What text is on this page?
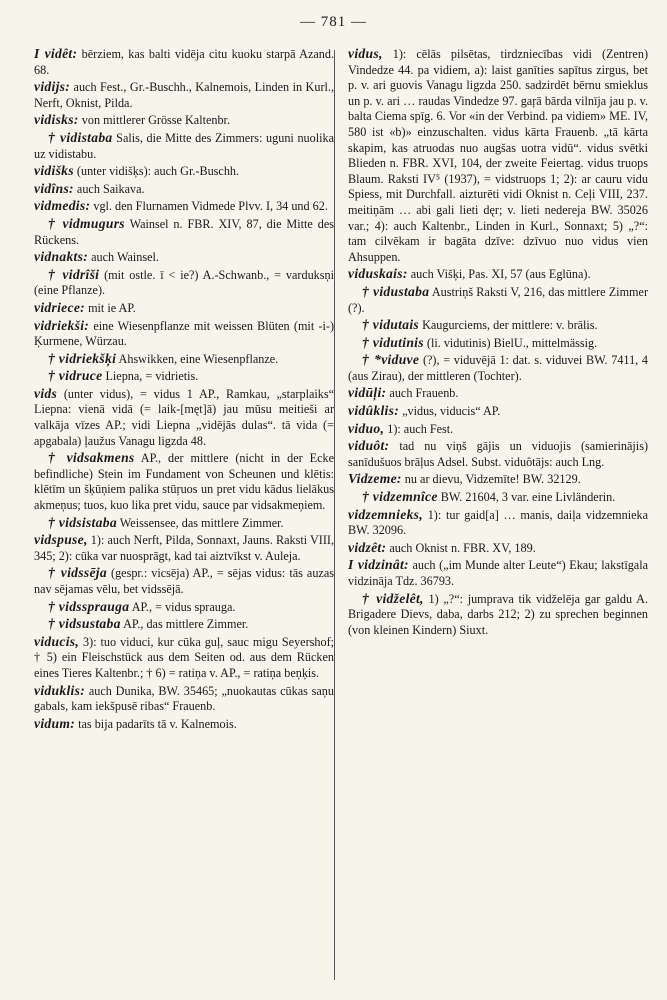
— 781 —
I vidêt: bērziem, kas balti vidēja citu kuoku starpā Azand. 68.
vidijs: auch Fest., Gr.-Buschh., Kalnemois, Linden in Kurl., Nerft, Oknist, Pilda.
vidisks: von mittlerer Grösse Kaltenbr.
† vidistaba Salis, die Mitte des Zimmers: uguni nuolika uz vidistabu.
vidišks (unter vidišķs): auch Gr.-Buschh.
vidîns: auch Saikava.
vidmedis: vgl. den Flurnamen Vidmede Plvv. I, 34 und 62.
† vidmugurs Wainsel n. FBR. XIV, 87, die Mitte des Rückens.
vidnakts: auch Wainsel.
† vidrîši (mit ostle. ī < ie?) A.-Schwanb., = varduksņi (eine Pflanze).
vidriece: mit ie AP.
vidriekši: eine Wiesenpflanze mit weissen Blüten (mit -i-) Ķurmene, Würzau.
† vidriekšķi Ahswikken, eine Wiesenpflanze.
† vidruce Liepna, = vidrietis.
vids (unter vidus), = vidus 1 AP., Ramkau, „starplaiks“ Liepna: vienā vidā (= laik-[męt]ā) jau mūsu meitieši ar valkāja vīzes AP.; vidi Liepna „vidējās dulas“. tā vida (= apgabala) ļaužus Vanagu ligzda 48.
† vidsakmens AP., der mittlere (nicht in der Ecke befindliche) Stein im Fundament von Scheunen und klētis: klētīm un šķūņiem palika stūŗuos un pret vidu kādus lielākus akmeņus; tuos, kuo lika pret vidu, sauce par vidsakmeņiem.
† vidsistaba Weissensee, das mittlere Zimmer.
vidspuse, 1): auch Nerft, Pilda, Sonnaxt, Jauns. Raksti VIII, 345; 2): cūka var nuosprāgt, kad tai aiztvīkst v. Auleja.
† vidssēja (gespr.: vicsēja) AP., = sējas vidus: tās auzas nav sējamas vēlu, bet vidssējā.
† vidssprauga AP., = vidus sprauga.
† vidsustaba AP., das mittlere Zimmer.
viducis, 3): tuo viduci, kur cūka guļ, sauc migu Seyershof; † 5) ein Fleischstück aus dem Seiten od. aus dem Rücken eines Tieres Kaltenbr.; † 6) = ratiņa v. AP., = ratiņa beņķis.
viduklis: auch Dunika, BW. 35465; „nuokautas cūkas saņu gabals, kam iekšpusē ribas“ Frauenb.
vidum: tas bija padarīts tā v. Kalnemois.
vidus, 1): cēlās pilsētas, tirdzniecības vidi (Zentren) Vindedze 44. pa vidiem, a): laist ganīties sapītus zirgus, bet p. v. ari guovis Vanagu ligzda 250. sadzirdēt bērnu smieklus un p. v. ari … raudas Vindedze 97. gaŗā bārda vilnīja jau p. v. balta Ciema spīg. 6. Vor «in der Verbind. pa vidiem» ME. IV, 580 ist «b)» einzuschalten. vidus kārta Frauenb. „tā kārta skapim, kas atruodas nuo augšas uotra vidū“. vidus svētki Blieden n. FBR. XVI, 104, der zweite Feiertag. vidus truops Blaum. Raksti IV⁵ (1937), = vidstruops 1; 2): ar cauru vidu Spiess, mit Durchfall. aizturēti vidi Oknist n. Ceļi VIII, 237. meitiņām … abi gali lieti dęr; v. lieti nedereja BW. 35026 var.; 4): auch Kaltenbr., Linden in Kurl., Sonnaxt; 5) „?“: tam cilvēkam ir bagāta dzīve: dzīvuo nuo vidus vien Ahsuppen.
viduskais: auch Višķi, Pas. XI, 57 (aus Eglūna).
† vidustaba Austriņš Raksti V, 216, das mittlere Zimmer (?).
† vidutais Kaugurciems, der mittlere: v. brālis.
† vidutinis (li. vidutinis) BielU., mittelmässig.
† *viduve (?), = viduvējā 1: dat. s. viduvei BW. 7411, 4 (aus Zirau), der mittleren (Tochter).
vidūļi: auch Frauenb.
vidûklis: „vidus, viducis“ AP.
viduo, 1): auch Fest.
viduôt: tad nu viņš gājis un viduojis (samierinājis) sanīdušuos brāļus Adsel. Subst. viduôtājs: auch Lng.
Vidzeme: nu ar dievu, Vidzemīte! BW. 32129.
† vidzemnîce BW. 21604, 3 var. eine Livländerin.
vidzemnieks, 1): tur gaid[a] … manis, daiļa vidzemnieka BW. 32096.
vidzêt: auch Oknist n. FBR. XV, 189.
I vidzinât: auch („im Munde alter Leute“) Ekau; lakstīgala vidzināja Tdz. 36793.
† vidželêt, 1) „?“: jumprava tik vidželēja gar galdu A. Brigadere Dievs, daba, darbs 212; 2) zu sprechen beginnen (von kleinen Kindern) Siuxt.
